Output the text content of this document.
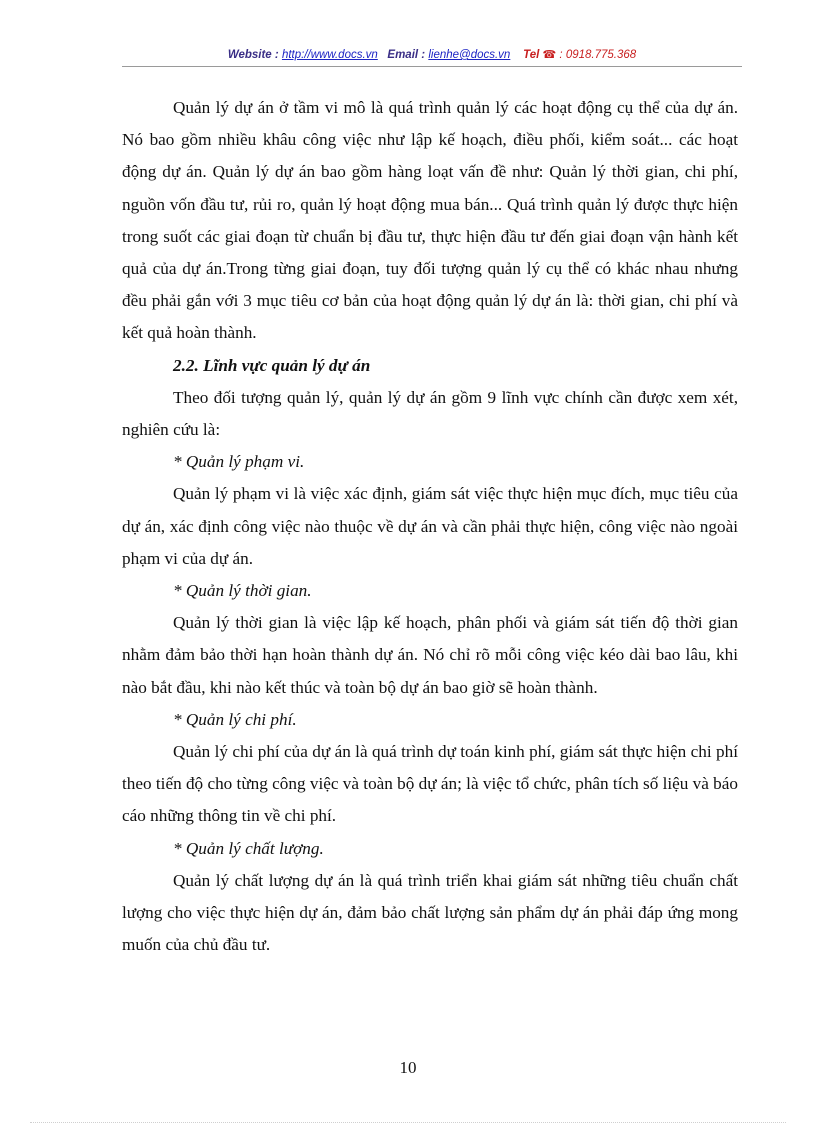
Website : http://www.docs.vn Email : lienhe@docs.vn Tel ☎ : 0918.775.368

Quản lý dự án ở tầm vi mô là quá trình quản lý các hoạt động cụ thể của dự án. Nó bao gồm nhiều khâu công việc như lập kế hoạch, điều phối, kiểm soát... các hoạt động dự án. Quản lý dự án bao gồm hàng loạt vấn đề như: Quản lý thời gian, chi phí, nguồn vốn đầu tư, rủi ro, quản lý hoạt động mua bán... Quá trình quản lý được thực hiện trong suốt các giai đoạn từ chuẩn bị đầu tư, thực hiện đầu tư đến giai đoạn vận hành kết quả của dự án.Trong từng giai đoạn, tuy đối tượng quản lý cụ thể có khác nhau nhưng đều phải gắn với 3 mục tiêu cơ bản của hoạt động quản lý dự án là: thời gian, chi phí và kết quả hoàn thành.

2.2. Lĩnh vực quản lý dự án

Theo đối tượng quản lý, quản lý dự án gồm 9 lĩnh vực chính cần được xem xét, nghiên cứu là:

* Quản lý phạm vi.

Quản lý phạm vi là việc xác định, giám sát việc thực hiện mục đích, mục tiêu của dự án, xác định công việc nào thuộc về dự án và cần phải thực hiện, công việc nào ngoài phạm vi của dự án.

* Quản lý thời gian.

Quản lý thời gian là việc lập kế hoạch, phân phối và giám sát tiến độ thời gian nhằm đảm bảo thời hạn hoàn thành dự án. Nó chỉ rõ mỗi công việc kéo dài bao lâu, khi nào bắt đầu, khi nào kết thúc và toàn bộ dự án bao giờ sẽ hoàn thành.

* Quản lý chi phí.

Quản lý chi phí của dự án là quá trình dự toán kinh phí, giám sát thực hiện chi phí theo tiến độ cho từng công việc và toàn bộ dự án; là việc tổ chức, phân tích số liệu và báo cáo những thông tin về chi phí.

* Quản lý chất lượng.

Quản lý chất lượng dự án là quá trình triển khai giám sát những tiêu chuẩn chất lượng cho việc thực hiện dự án, đảm bảo chất lượng sản phẩm dự án phải đáp ứng mong muốn của chủ đầu tư.

10
